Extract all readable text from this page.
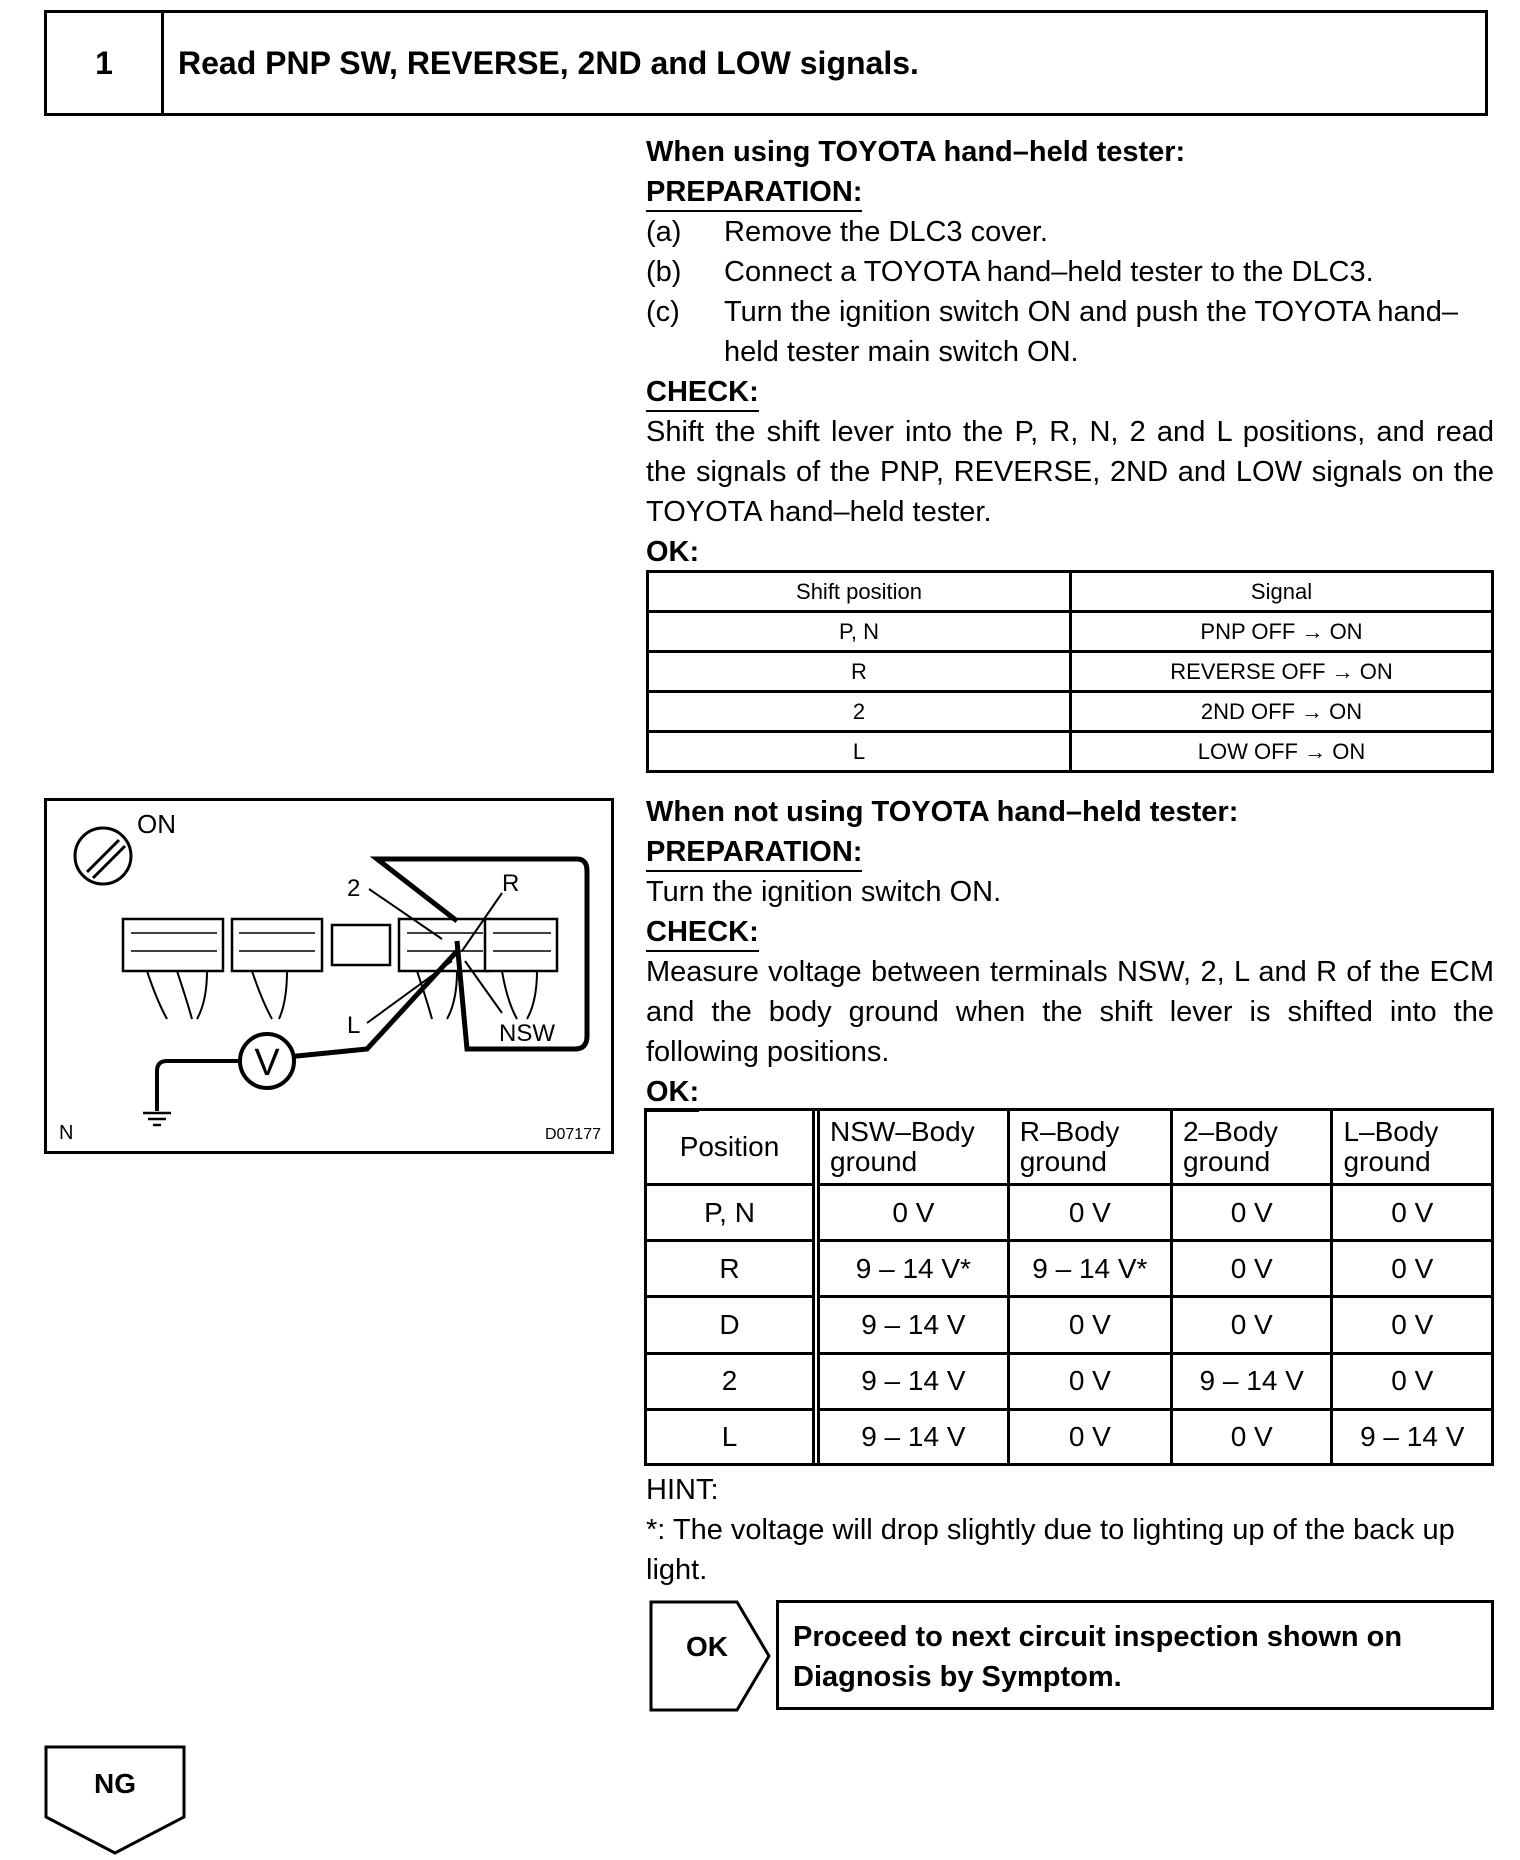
1	Read PNP SW, REVERSE, 2ND and LOW signals.
When using TOYOTA hand–held tester:
PREPARATION:
(a)	Remove the DLC3 cover.
(b)	Connect a TOYOTA hand–held tester to the DLC3.
(c)	Turn the ignition switch ON and push the TOYOTA hand–held tester main switch ON.
CHECK:
Shift the shift lever into the P, R, N, 2 and L positions, and read the signals of the PNP, REVERSE, 2ND and LOW signals on the TOYOTA hand–held tester.
OK:
Shift position	Signal
P, N	PNP OFF → ON
R	REVERSE OFF → ON
2	2ND OFF → ON
L	LOW OFF → ON
When not using TOYOTA hand–held tester:
PREPARATION:
Turn the ignition switch ON.
CHECK:
Measure voltage between terminals NSW, 2, L and R of the ECM and the body ground when the shift lever is shifted into the following positions.
OK:
Position	NSW–Body ground	R–Body ground	2–Body ground	L–Body ground
P, N	0 V	0 V	0 V	0 V
R	9 – 14 V*	9 – 14 V*	0 V	0 V
D	9 – 14 V	0 V	0 V	0 V
2	9 – 14 V	0 V	9 – 14 V	0 V
L	9 – 14 V	0 V	0 V	9 – 14 V
HINT:
*: The voltage will drop slightly due to lighting up of the back up light.
ON
2	R
L	NSW
V
N	D07177
OK Proceed to next circuit inspection shown on
Diagnosis by Symptom.
NG
